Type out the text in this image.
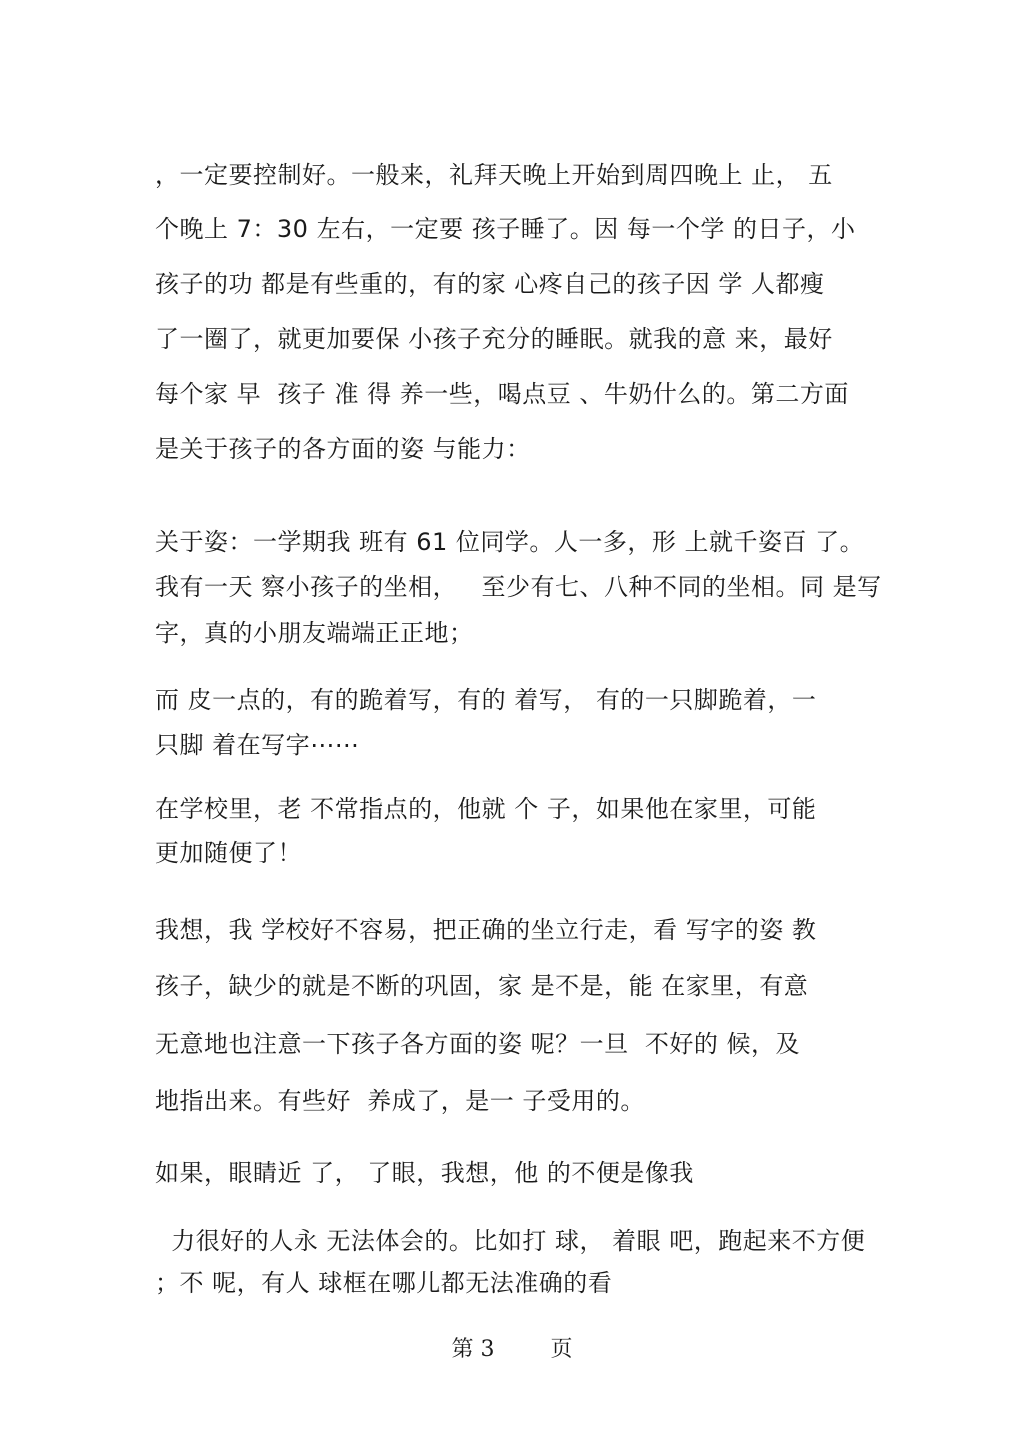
，一定要控制好。一般来，礼拜天晚上开始到周四晚上 止， 五
个晚上 7：30 左右，一定要 孩子睡了。因 每一个学 的日子，小
孩子的功 都是有些重的，有的家 心疼自己的孩子因 学 人都瘦
了一圈了，就更加要保 小孩子充分的睡眠。就我的意 来，最好
每个家 早  孩子 准 得 养一些，喝点豆 、牛奶什么的。第二方面
是关于孩子的各方面的姿 与能力：
关于姿：一学期我 班有 61 位同学。人一多，形 上就千姿百 了。
我有一天 察小孩子的坐相，   至少有七、八种不同的坐相。同 是写
字，真的小朋友端端正正地；
而 皮一点的，有的跪着写，有的 着写， 有的一只脚跪着，一
只脚 着在写字⋯⋯
在学校里，老 不常指点的，他就 个 子，如果他在家里，可能
更加随便了！
我想，我 学校好不容易，把正确的坐立行走，看 写字的姿 教
孩子，缺少的就是不断的巩固，家 是不是，能 在家里，有意
无意地也注意一下孩子各方面的姿 呢？一旦  不好的 候，及
地指出来。有些好  养成了，是一 子受用的。
如果，眼睛近 了， 了眼，我想，他 的不便是像我
力很好的人永 无法体会的。比如打 球， 着眼 吧，跑起来不方便
；不 呢，有人 球框在哪儿都无法准确的看
第 3	页
